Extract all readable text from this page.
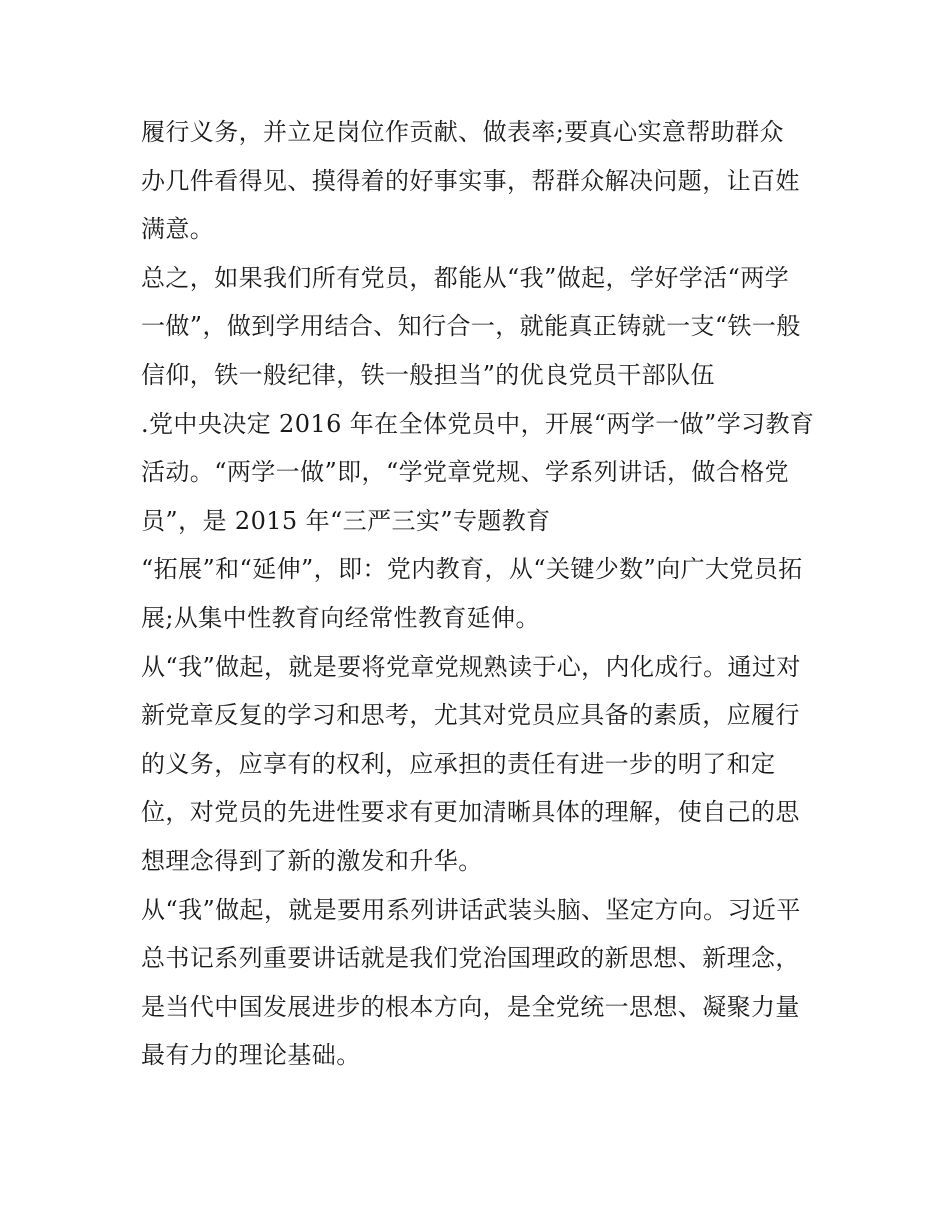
履行义务，并立足岗位作贡献、做表率;要真心实意帮助群众
办几件看得见、摸得着的好事实事，帮群众解决问题，让百姓
满意。
总之，如果我们所有党员，都能从“我”做起，学好学活“两学
一做”，做到学用结合、知行合一，就能真正铸就一支“铁一般
信仰，铁一般纪律，铁一般担当”的优良党员干部队伍
.党中央决定 2016 年在全体党员中，开展“两学一做”学习教育
活动。“两学一做”即，“学党章党规、学系列讲话，做合格党
员”，是 2015 年“三严三实”专题教育
“拓展”和“延伸”，即：党内教育，从“关键少数”向广大党员拓
展;从集中性教育向经常性教育延伸。
从“我”做起，就是要将党章党规熟读于心，内化成行。通过对
新党章反复的学习和思考，尤其对党员应具备的素质，应履行
的义务，应享有的权利，应承担的责任有进一步的明了和定
位，对党员的先进性要求有更加清晰具体的理解，使自己的思
想理念得到了新的激发和升华。
从“我”做起，就是要用系列讲话武装头脑、坚定方向。习近平
总书记系列重要讲话就是我们党治国理政的新思想、新理念，
是当代中国发展进步的根本方向，是全党统一思想、凝聚力量
最有力的理论基础。
